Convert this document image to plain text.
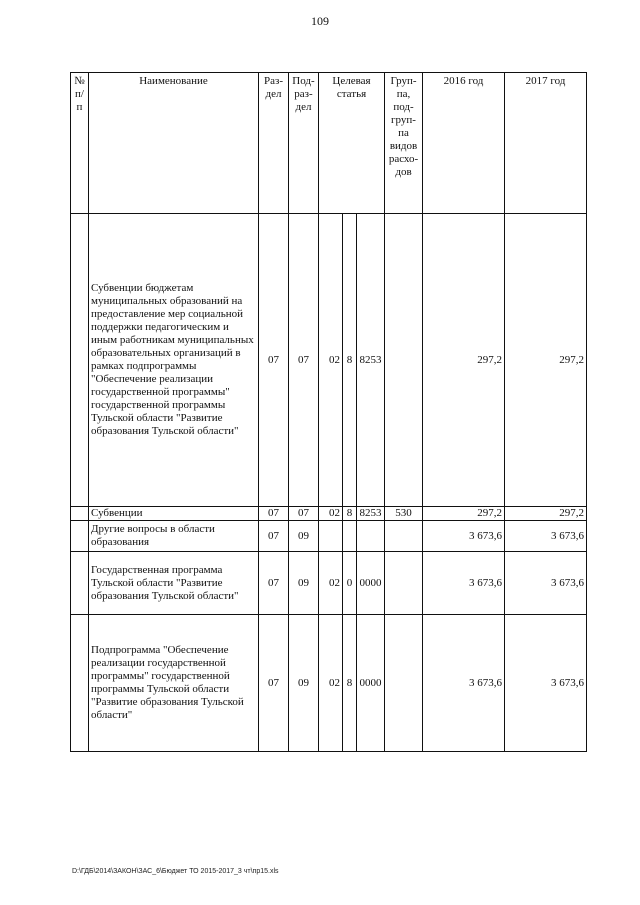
109
№ п/п	Наименование	Раз-дел	Под-раз-дел	Целевая статья			Груп-па, под-груп-па видов расхо-дов	2016 год	2017 год
	Субвенции бюджетам муниципальных образований на предоставление мер социальной поддержки педагогическим и иным работникам муниципальных образовательных организаций в рамках подпрограммы "Обеспечение реализации государственной программы" государственной программы Тульской области "Развитие образования Тульской области"	07	07	02	8	8253		297,2	297,2
	Субвенции	07	07	02	8	8253	530	297,2	297,2
	Другие вопросы в области образования	07	09					3 673,6	3 673,6
	Государственная программа Тульской области "Развитие образования Тульской области"	07	09	02	0	0000		3 673,6	3 673,6
	Подпрограмма "Обеспечение реализации государственной программы" государственной программы Тульской области "Развитие образования Тульской области"	07	09	02	8	0000		3 673,6	3 673,6
D:\ГДБ\2014\ЗАКОН\ЗАС_6\Бюджет ТО 2015-2017_3 чт\пр15.xls
